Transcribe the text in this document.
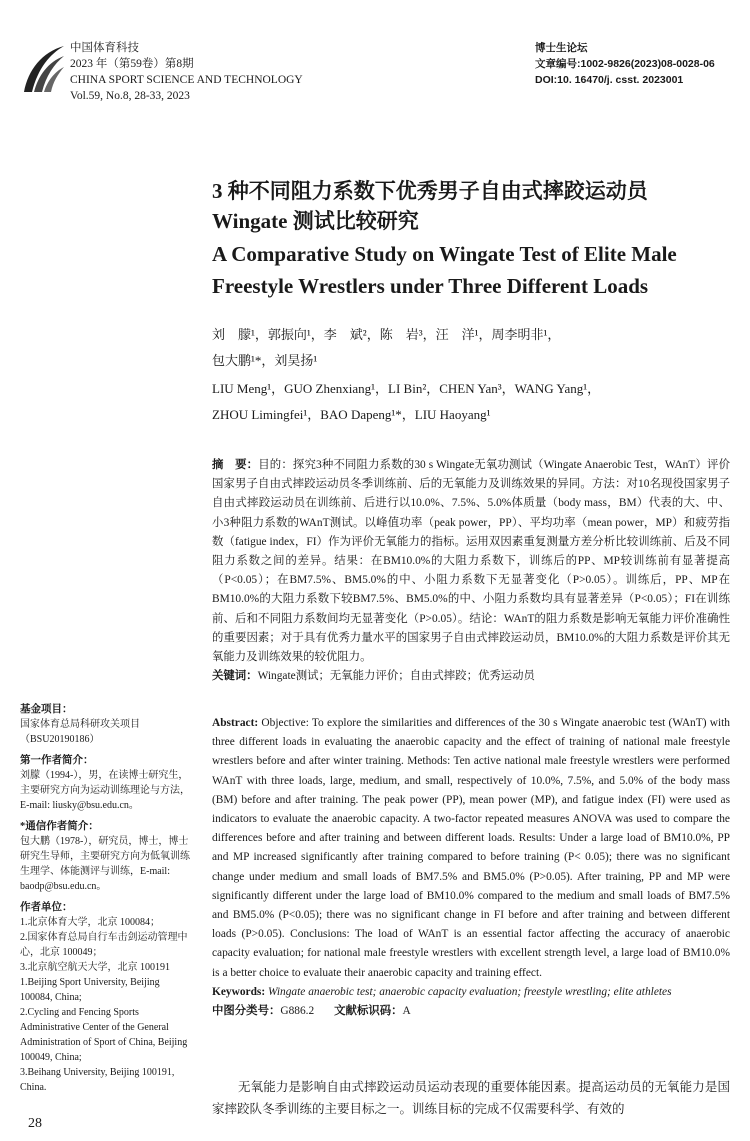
中国体育科技
2023 年（第59卷）第8期
CHINA SPORT SCIENCE AND TECHNOLOGY
Vol.59, No.8, 28-33, 2023
博士生论坛
文章编号:1002-9826(2023)08-0028-06
DOI:10. 16470/j. csst. 2023001
3 种不同阻力系数下优秀男子自由式摔跤运动员
Wingate 测试比较研究
A Comparative Study on Wingate Test of Elite Male
Freestyle Wrestlers under Three Different Loads
刘　朦¹，郭振向¹，李　斌²，陈　岩³，汪　洋¹，周李明非¹，
包大鹏¹*，刘昊扬¹
LIU Meng¹，GUO Zhenxiang¹，LI Bin²，CHEN Yan³，WANG Yang¹，
ZHOU Limingfei¹，BAO Dapeng¹*，LIU Haoyang¹

摘　要：目的：探究3种不同阻力系数的30 s Wingate无氧功测试（Wingate Anaerobic Test，WAnT）评价国家男子自由式摔跤运动员冬季训练前、后的无氧能力及训练效果的异同。方法：对10名现役国家男子自由式摔跤运动员在训练前、后进行以10.0%、7.5%、5.0%体质量（body mass，BM）代表的大、中、小3种阻力系数的WAnT测试。以峰值功率（peak power，PP）、平均功率（mean power，MP）和疲劳指数（fatigue index，FI）作为评价无氧能力的指标。运用双因素重复测量方差分析比较训练前、后及不同阻力系数之间的差异。结果：在BM10.0%的大阻力系数下，训练后的PP、MP较训练前有显著提高（P<0.05）；在BM7.5%、BM5.0%的中、小阻力系数下无显著变化（P>0.05）。训练后，PP、MP在BM10.0%的大阻力系数下较BM7.5%、BM5.0%的中、小阻力系数均具有显著差异（P<0.05）；FI在训练前、后和不同阻力系数间均无显著变化（P>0.05）。结论：WAnT的阻力系数是影响无氧能力评价准确性的重要因素；对于具有优秀力量水平的国家男子自由式摔跤运动员，BM10.0%的大阻力系数是评价其无氧能力及训练效果的较优阻力。

关键词：Wingate测试；无氧能力评价；自由式摔跤；优秀运动员

Abstract: Objective: To explore the similarities and differences of the 30 s Wingate anaerobic test (WAnT) with three different loads in evaluating the anaerobic capacity and the effect of training of national male freestyle wrestlers before and after winter training. Methods: Ten active national male freestyle wrestlers were performed WAnT with three loads, large, medium, and small, respectively of 10.0%, 7.5%, and 5.0% of the body mass (BM) before and after training. The peak power (PP), mean power (MP), and fatigue index (FI) were used as indicators to evaluate the anaerobic capacity. A two-factor repeated measures ANOVA was used to compare the differences before and after training and between different loads. Results: Under a large load of BM10.0%, PP and MP increased significantly after training compared to before training (P< 0.05); there was no significant change under medium and small loads of BM7.5% and BM5.0% (P>0.05). After training, PP and MP were significantly different under the large load of BM10.0% compared to the medium and small loads of BM7.5% and BM5.0% (P<0.05); there was no significant change in FI before and after training and between different loads (P>0.05). Conclusions: The load of WAnT is an essential factor affecting the accuracy of anaerobic capacity evaluation; for national male freestyle wrestlers with excellent strength level, a large load of BM10.0% is a better choice to evaluate their anaerobic capacity and training effect.

Keywords: Wingate anaerobic test; anaerobic capacity evaluation; freestyle wrestling; elite athletes

中图分类号：G886.2 文献标识码：A

基金项目：

国家体育总局科研攻关项目（BSU20190186）

第一作者简介：

刘朦（1994-），男，在读博士研究生，主要研究方向为运动训练理论与方法，E-mail: liusky@bsu.edu.cn。

*通信作者简介：

包大鹏（1978-），研究员，博士，博士研究生导师，主要研究方向为低氧训练生理学、体能测评与训练，E-mail: baodp@bsu.edu.cn。

作者单位：

1.北京体育大学，北京 100084；

2.国家体育总局自行车击剑运动管理中心，北京 100049；

3.北京航空航天大学，北京 100191

1.Beijing Sport University, Beijing 100084, China;

2.Cycling and Fencing Sports Administrative Center of the General Administration of Sport of China, Beijing 100049, China;

3.Beihang University, Beijing 100191, China.	无氧能力是影响自由式摔跤运动员运动表现的重要体能因素。提高运动员的无氧能力是国家摔跤队冬季训练的主要目标之一。训练目标的完成不仅需要科学、有效的
28
